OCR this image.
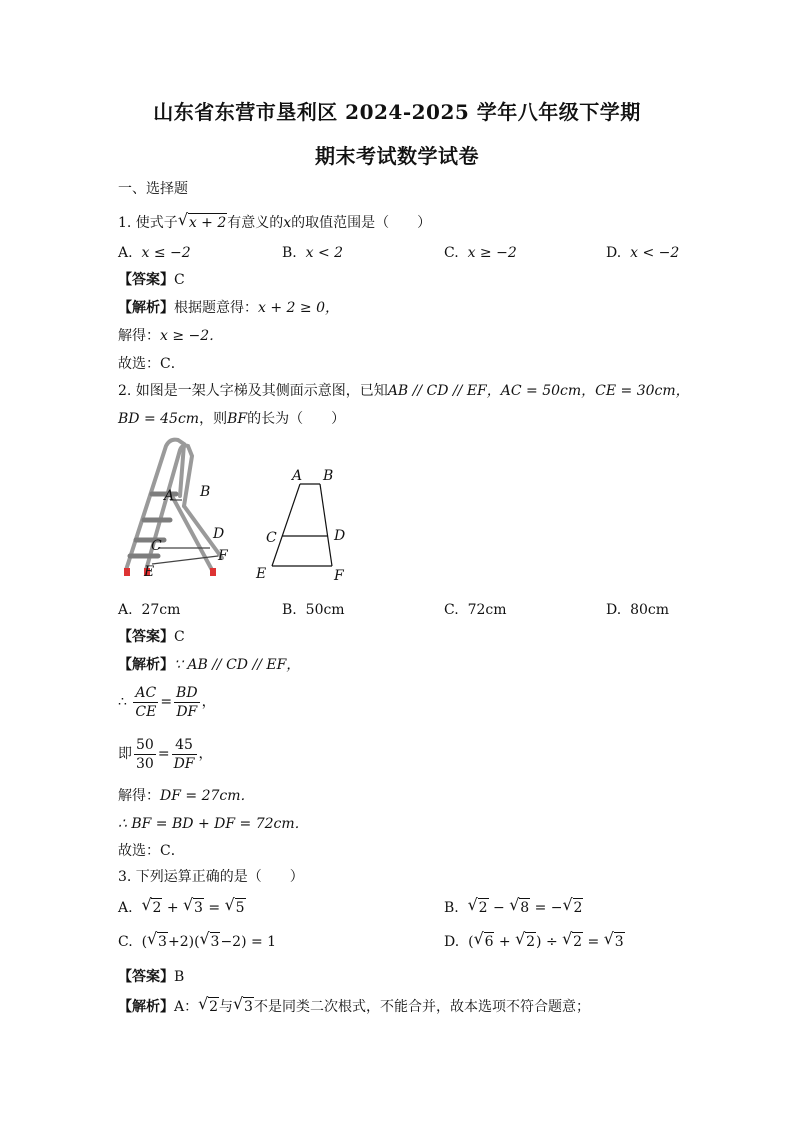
山东省东营市垦利区 2024-2025 学年八年级下学期
期末考试数学试卷
一、选择题
1. 使式子 √ x + 2有意义的x的取值范围是（　　）
A. x ≤ −2	B. x < 2	C. x ≥ −2	D. x < −2
【答案】C
【解析】根据题意得：x + 2 ≥ 0，
解得：x ≥ −2．
故选：C．
2. 如图是一架人字梯及其侧面示意图，已知AB // CD // EF，AC = 50cm，CE = 30cm，
BD = 45cm，则BF的长为（　　）
A B
C
D
F
E
A B
C	D
E	F
A. 27cm	B. 50cm	C. 72cm	D. 80cm
【答案】C
【解析】∵ AB // CD // EF，
∴ $\frac{AC}{CE} = \frac{BD}{DF}$ ，
即 $\frac{50}{30} = \frac{45}{DF}$ ，
解得：DF = 27cm．
∴ BF = BD + DF = 72cm．
故选：C．
3. 下列运算正确的是（　　）
A. √ 2 + √ 3 = √ 5	B. √ 2 − √ 8 = − √ 2
C.  ( √ 3+2)( √ 3−2) = 1	D.  ( √ 6 + √ 2) ÷ √ 2 = √ 3
【答案】B
【解析】A： √ 2与 √ 3不是同类二次根式，不能合并，故本选项不符合题意；
